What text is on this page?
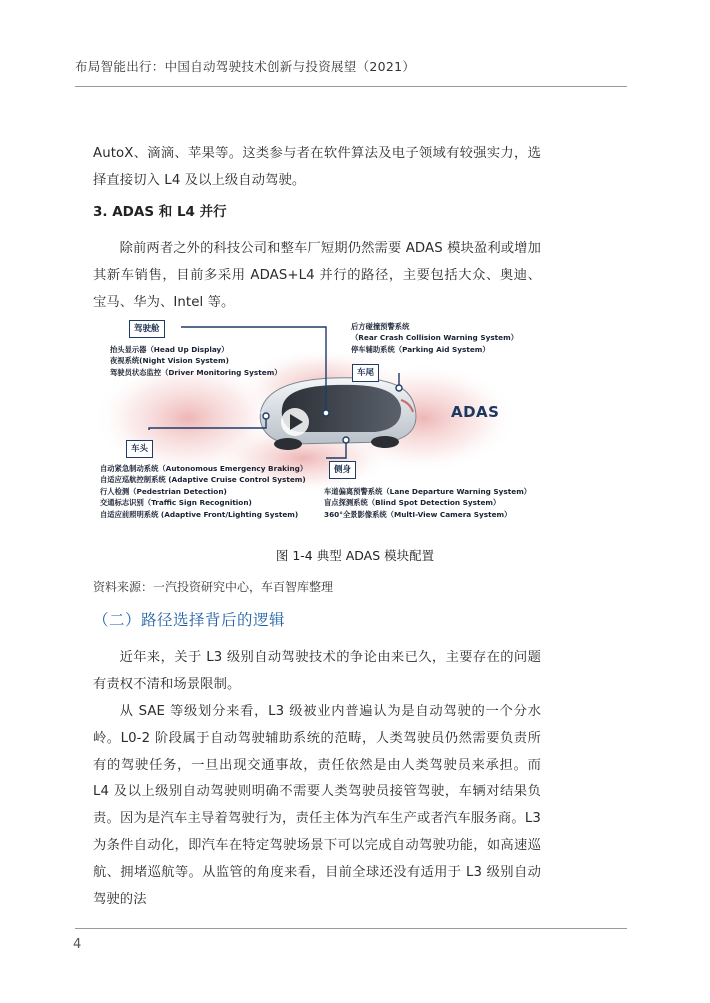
布局智能出行：中国自动驾驶技术创新与投资展望（2021）

AutoX、滴滴、苹果等。这类参与者在软件算法及电子领域有较强实力，选择直接切入 L4 及以上级自动驾驶。

3. ADAS 和 L4 并行

除前两者之外的科技公司和整车厂短期仍然需要 ADAS 模块盈利或增加其新车销售，目前多采用 ADAS+L4 并行的路径，主要包括大众、奥迪、宝马、华为、Intel 等。

驾驶舱
抬头显示器（Head Up Display）
夜视系统(Night Vision System)
驾驶员状态监控（Driver Monitoring System）
后方碰撞预警系统
（Rear Crash Collision Warning System）
停车辅助系统（Parking Aid System）
车尾
ADAS
车头
自动紧急制动系统（Autonomous Emergency Braking）
自适应巡航控制系统 (Adaptive Cruise Control System)
行人检测（Pedestrian Detection)
交通标志识别（Traffic Sign Recognition)
自适应前照明系统 (Adaptive Front/Lighting System)
侧身
车道偏离预警系统（Lane Departure Warning System）
盲点探测系统（Blind Spot Detection System）
360°全景影像系统（MultI-View Camera System）
图 1-4 典型 ADAS 模块配置
资料来源：一汽投资研究中心，车百智库整理
（二）路径选择背后的逻辑

近年来，关于 L3 级别自动驾驶技术的争论由来已久，主要存在的问题有责权不清和场景限制。

从 SAE 等级划分来看，L3 级被业内普遍认为是自动驾驶的一个分水岭。L0-2 阶段属于自动驾驶辅助系统的范畴，人类驾驶员仍然需要负责所有的驾驶任务，一旦出现交通事故，责任依然是由人类驾驶员来承担。而 L4 及以上级别自动驾驶则明确不需要人类驾驶员接管驾驶，车辆对结果负责。因为是汽车主导着驾驶行为，责任主体为汽车生产或者汽车服务商。L3 为条件自动化，即汽车在特定驾驶场景下可以完成自动驾驶功能，如高速巡航、拥堵巡航等。从监管的角度来看，目前全球还没有适用于 L3 级别自动驾驶的法

4
